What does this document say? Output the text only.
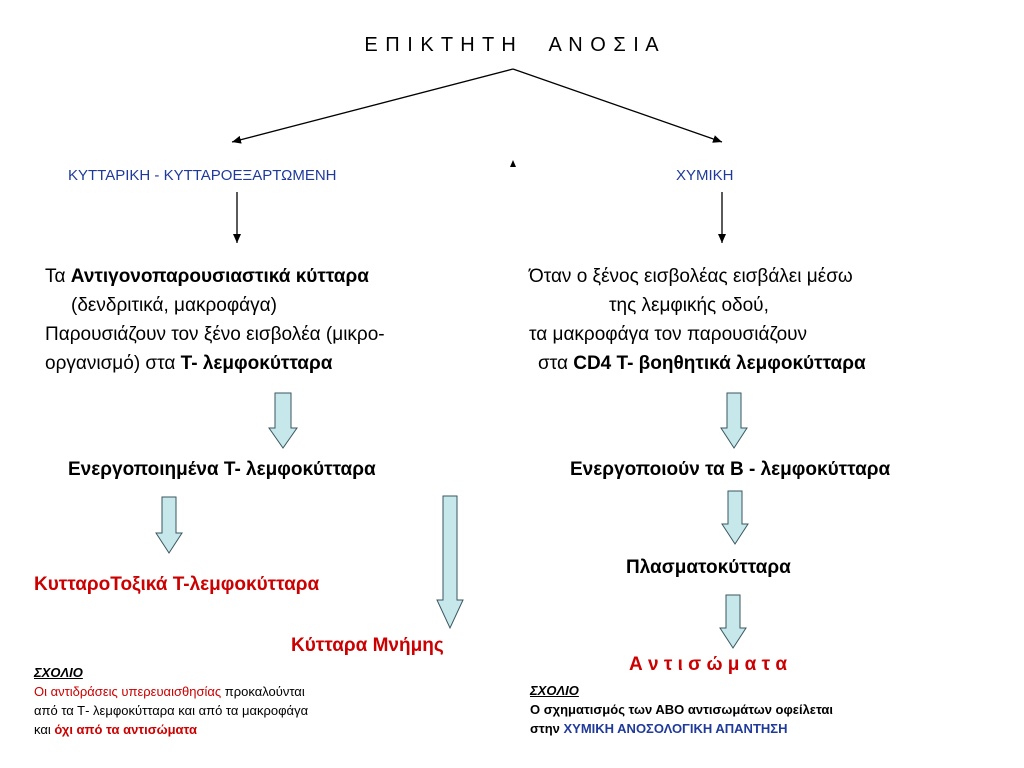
Ε Π Ι Κ Τ Η Τ Η     Α Ν Ο Σ Ι Α
ΚΥΤΤΑΡΙΚΗ - ΚΥΤΤΑΡΟΕΞΑΡΤΩΜΕΝΗ	ΧΥΜΙΚΗ
Τα Αντιγονοπαρουσιαστικά κύτταρα
(δενδριτικά, μακροφάγα)
Παρουσιάζουν τον ξένο εισβολέα (μικρο-
οργανισμό) στα Τ- λεμφοκύτταρα
Όταν ο ξένος εισβολέας εισβάλει μέσω
της λεμφικής οδού,
τα μακροφάγα τον παρουσιάζουν
στα CD4 Τ- βοηθητικά λεμφοκύτταρα
Ενεργοποιημένα Τ- λεμφοκύτταρα
ΚυτταροΤοξικά Τ-λεμφοκύτταρα
Κύτταρα Μνήμης
Ενεργοποιούν τα Β - λεμφοκύτταρα
Πλασματοκύτταρα
Α ν τ ι σ ώ μ α τ α
ΣΧΟΛΙΟ
Οι αντιδράσεις υπερευαισθησίας προκαλούνται
από τα Τ- λεμφοκύτταρα και από τα μακροφάγα
και όχι από τα αντισώματα
ΣΧΟΛΙΟ
Ο σχηματισμός των ΑΒΟ αντισωμάτων οφείλεται
στην ΧΥΜΙΚΗ ΑΝΟΣΟΛΟΓΙΚΗ ΑΠΑΝΤΗΣΗ
